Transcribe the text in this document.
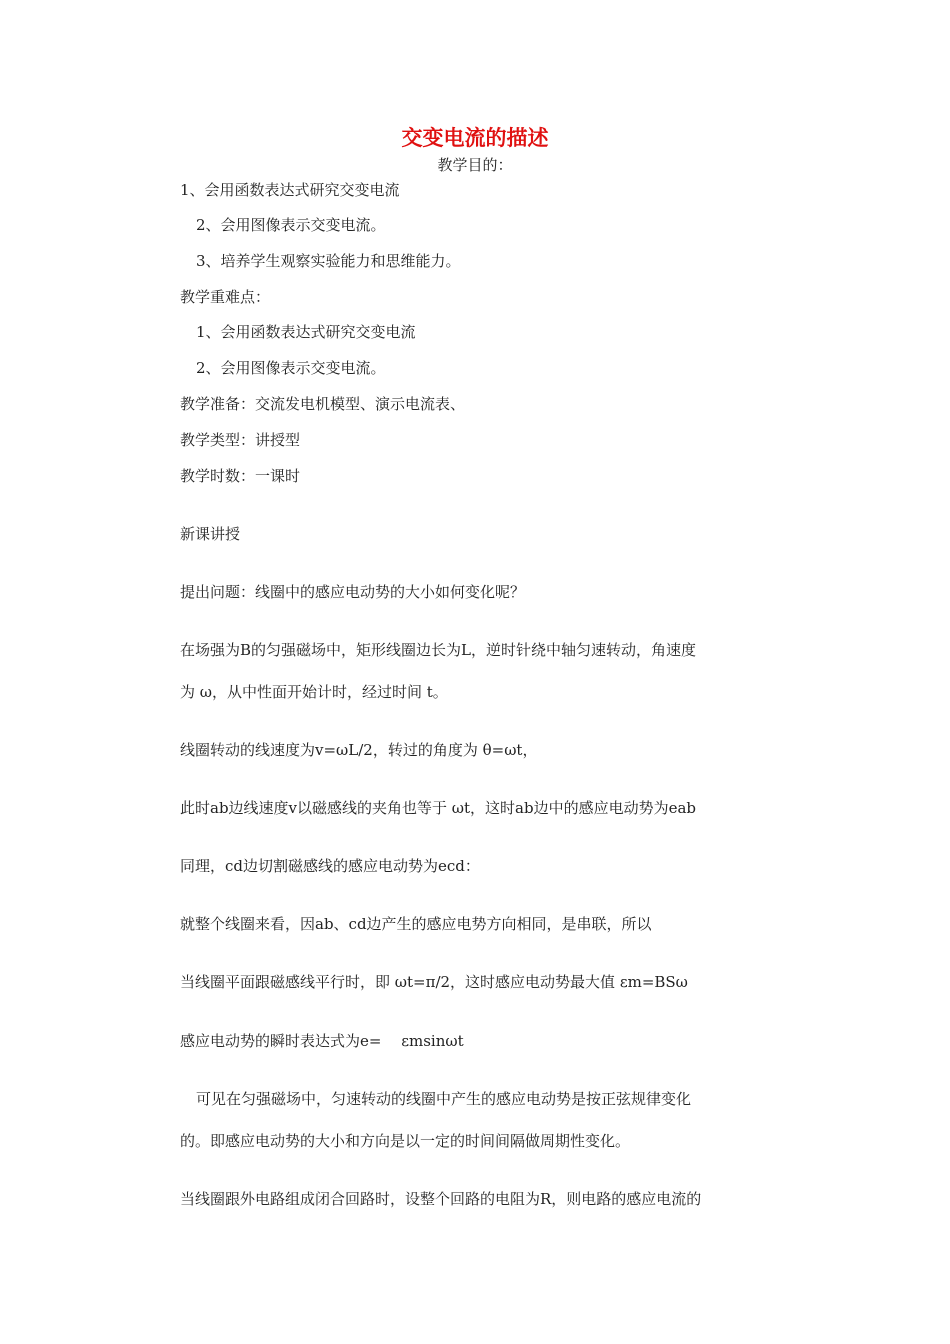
交变电流的描述
教学目的：
1、会用函数表达式研究交变电流
2、会用图像表示交变电流。
3、培养学生观察实验能力和思维能力。
教学重难点：
1、会用函数表达式研究交变电流
2、会用图像表示交变电流。
教学准备：交流发电机模型、演示电流表、
教学类型：讲授型
教学时数：一课时
新课讲授
提出问题：线圈中的感应电动势的大小如何变化呢？
在场强为B的匀强磁场中，矩形线圈边长为L，逆时针绕中轴匀速转动，角速度
为 ω，从中性面开始计时，经过时间 t。
线圈转动的线速度为v=ωL/2，转过的角度为 θ=ωt，
此时ab边线速度v以磁感线的夹角也等于 ωt，这时ab边中的感应电动势为eab
同理，cd边切割磁感线的感应电动势为ecd：
就整个线圈来看，因ab、cd边产生的感应电势方向相同，是串联，所以
当线圈平面跟磁感线平行时，即 ωt=π/2，这时感应电动势最大值 εm=BSω
感应电动势的瞬时表达式为e=　 εmsinωt
可见在匀强磁场中，匀速转动的线圈中产生的感应电动势是按正弦规律变化
的。即感应电动势的大小和方向是以一定的时间间隔做周期性变化。
当线圈跟外电路组成闭合回路时，设整个回路的电阻为R，则电路的感应电流的
